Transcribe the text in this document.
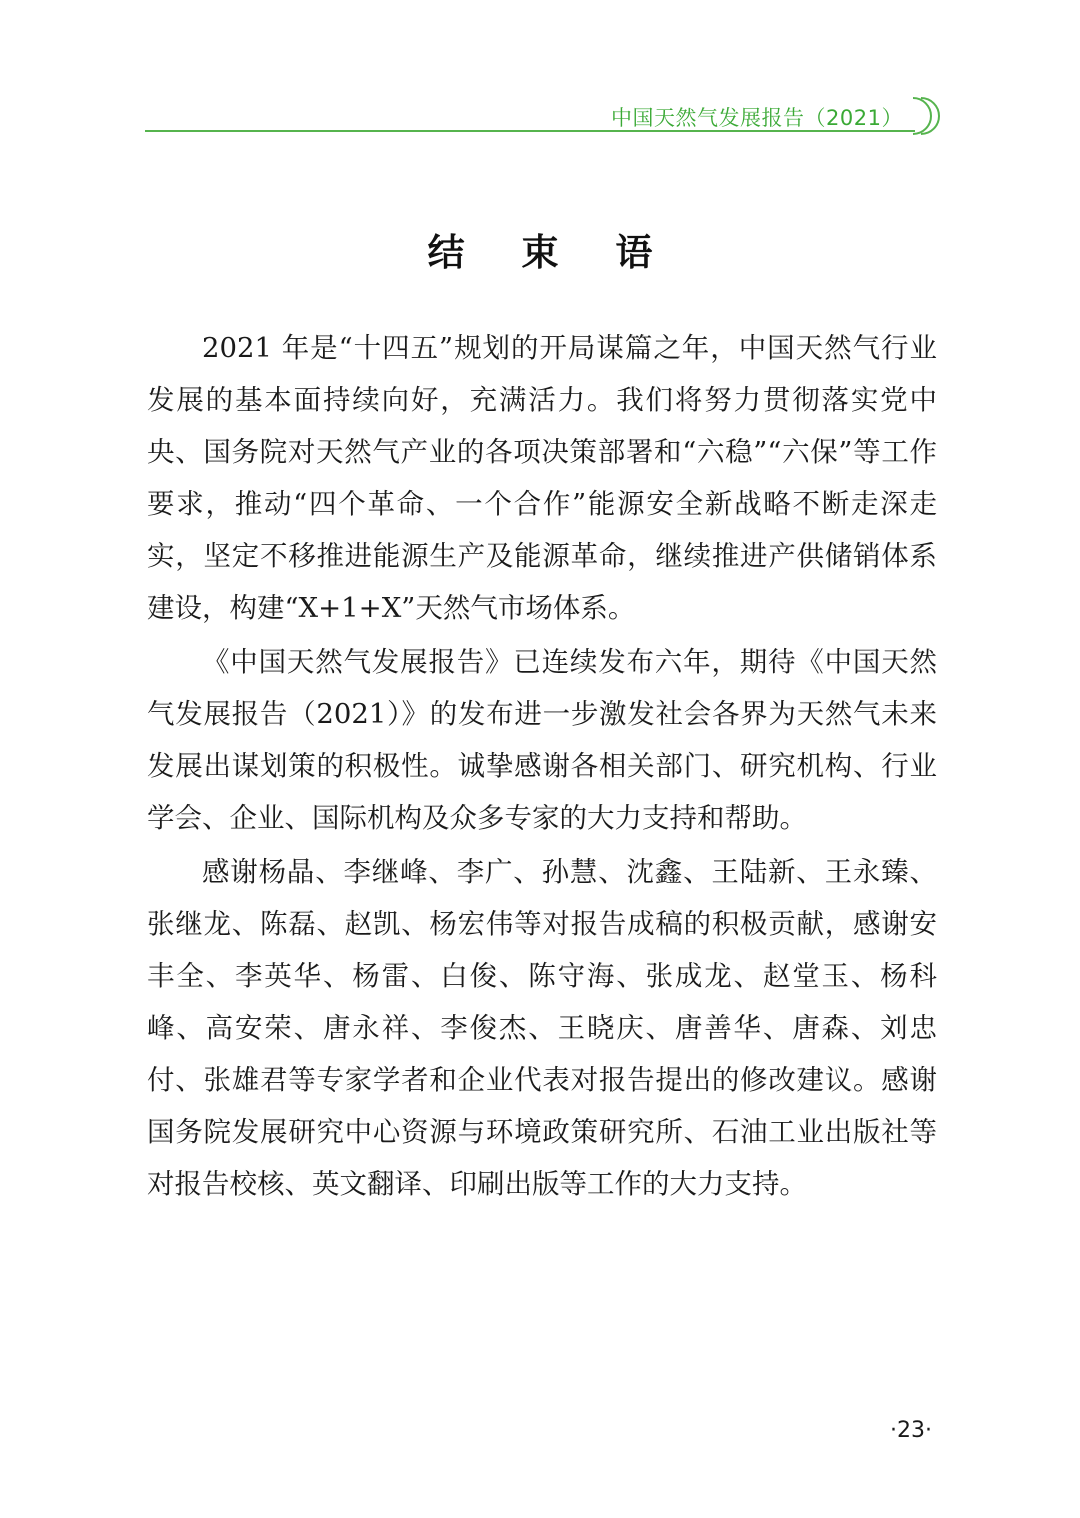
中国天然气发展报告（2021）
结 束 语

2021 年是“十四五”规划的开局谋篇之年，中国天然气行业发展的基本面持续向好，充满活力。我们将努力贯彻落实党中央、国务院对天然气产业的各项决策部署和“六稳”“六保”等工作要求，推动“四个革命、一个合作”能源安全新战略不断走深走实，坚定不移推进能源生产及能源革命，继续推进产供储销体系建设，构建“X+1+X”天然气市场体系。

《中国天然气发展报告》已连续发布六年，期待《中国天然气发展报告（2021）》的发布进一步激发社会各界为天然气未来发展出谋划策的积极性。诚挚感谢各相关部门、研究机构、行业学会、企业、国际机构及众多专家的大力支持和帮助。

感谢杨晶、李继峰、李广、孙慧、沈鑫、王陆新、王永臻、张继龙、陈磊、赵凯、杨宏伟等对报告成稿的积极贡献，感谢安丰全、李英华、杨雷、白俊、陈守海、张成龙、赵堂玉、杨科峰、高安荣、唐永祥、李俊杰、王晓庆、唐善华、唐森、刘忠付、张雄君等专家学者和企业代表对报告提出的修改建议。感谢国务院发展研究中心资源与环境政策研究所、石油工业出版社等对报告校核、英文翻译、印刷出版等工作的大力支持。

·23·
